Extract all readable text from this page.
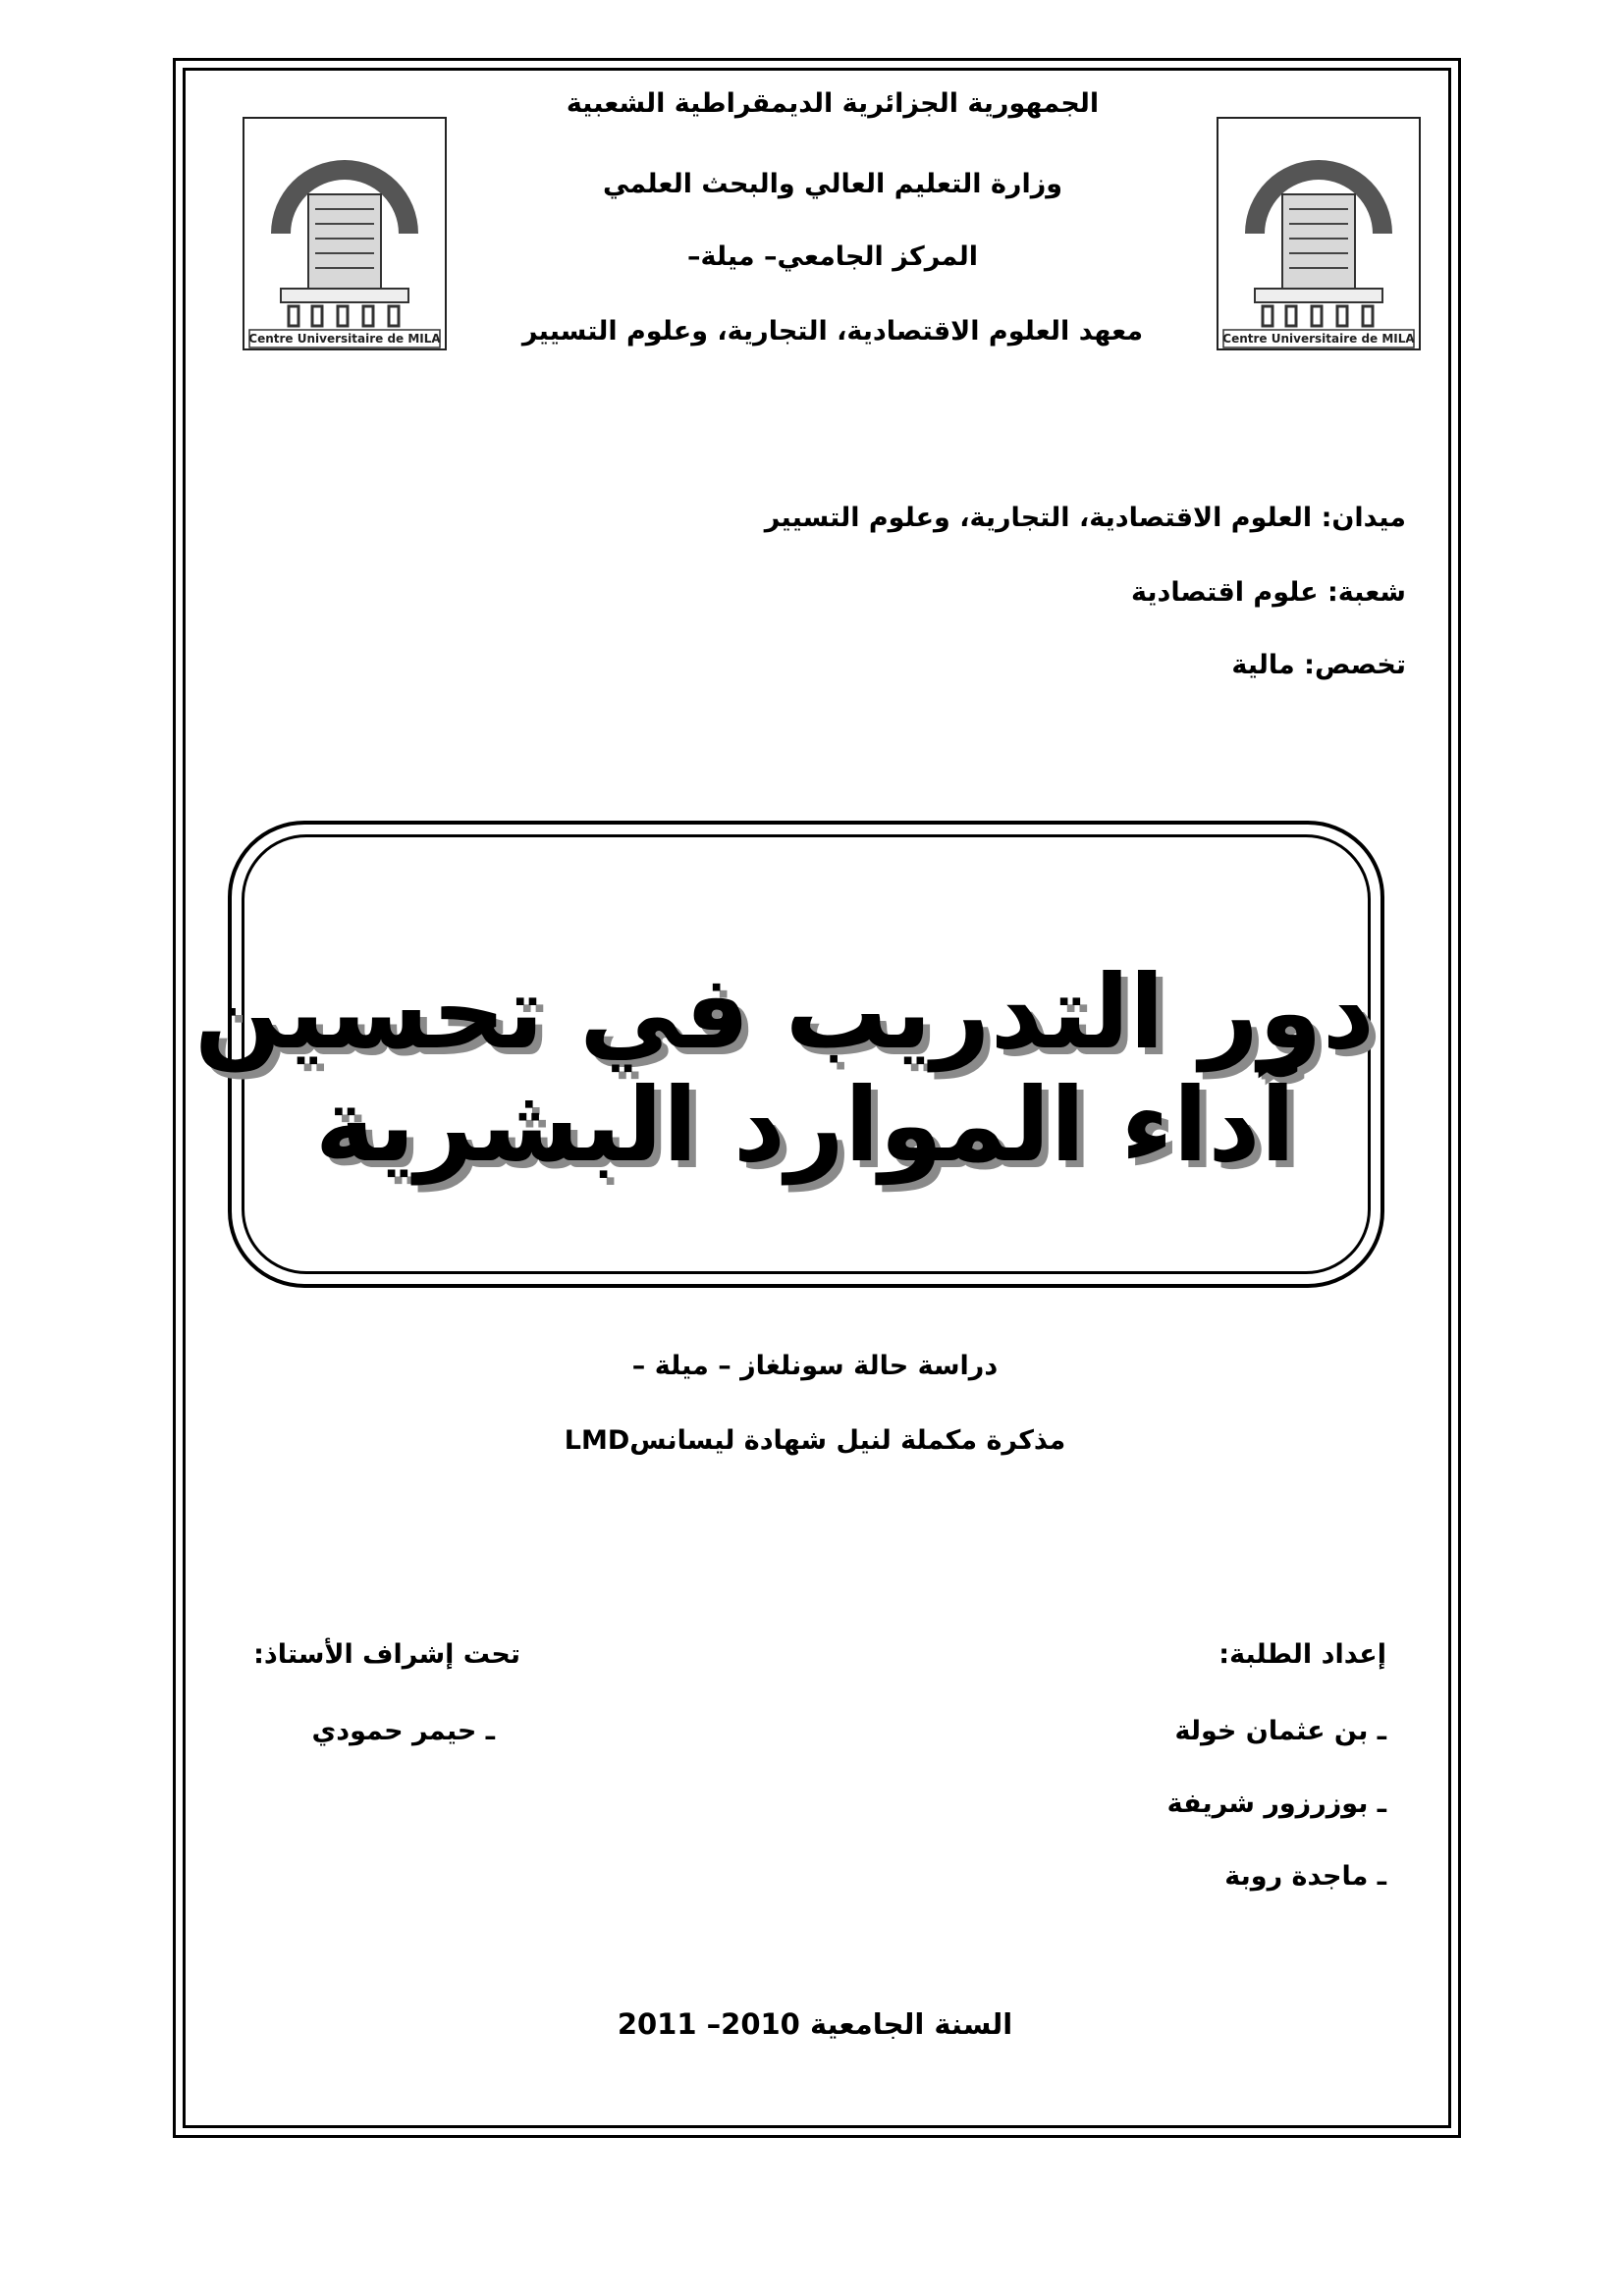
Centre Universitaire de MILA
Centre Universitaire de MILA
الجمهورية الجزائرية الديمقراطية الشعبية
وزارة التعليم العالي والبحث العلمي
المركز الجامعي– ميلة–
معهد العلوم الاقتصادية، التجارية، وعلوم التسيير
ميدان: العلوم الاقتصادية، التجارية، وعلوم التسيير
شعبة: علوم اقتصادية
تخصص: مالية
دور التدريب في تحسين
آداء الموارد البشرية
دراسة حالة سونلغاز – ميلة –
مذكرة مكملة لنيل شهادة ليسانسLMD
إعداد الطلبة:
ـ بن عثمان خولة
ـ بوزرزور شريفة
ـ ماجدة روبة
تحت إشراف الأستاذ:
ـ حيمر حمودي
السنة الجامعية 2010– 2011
